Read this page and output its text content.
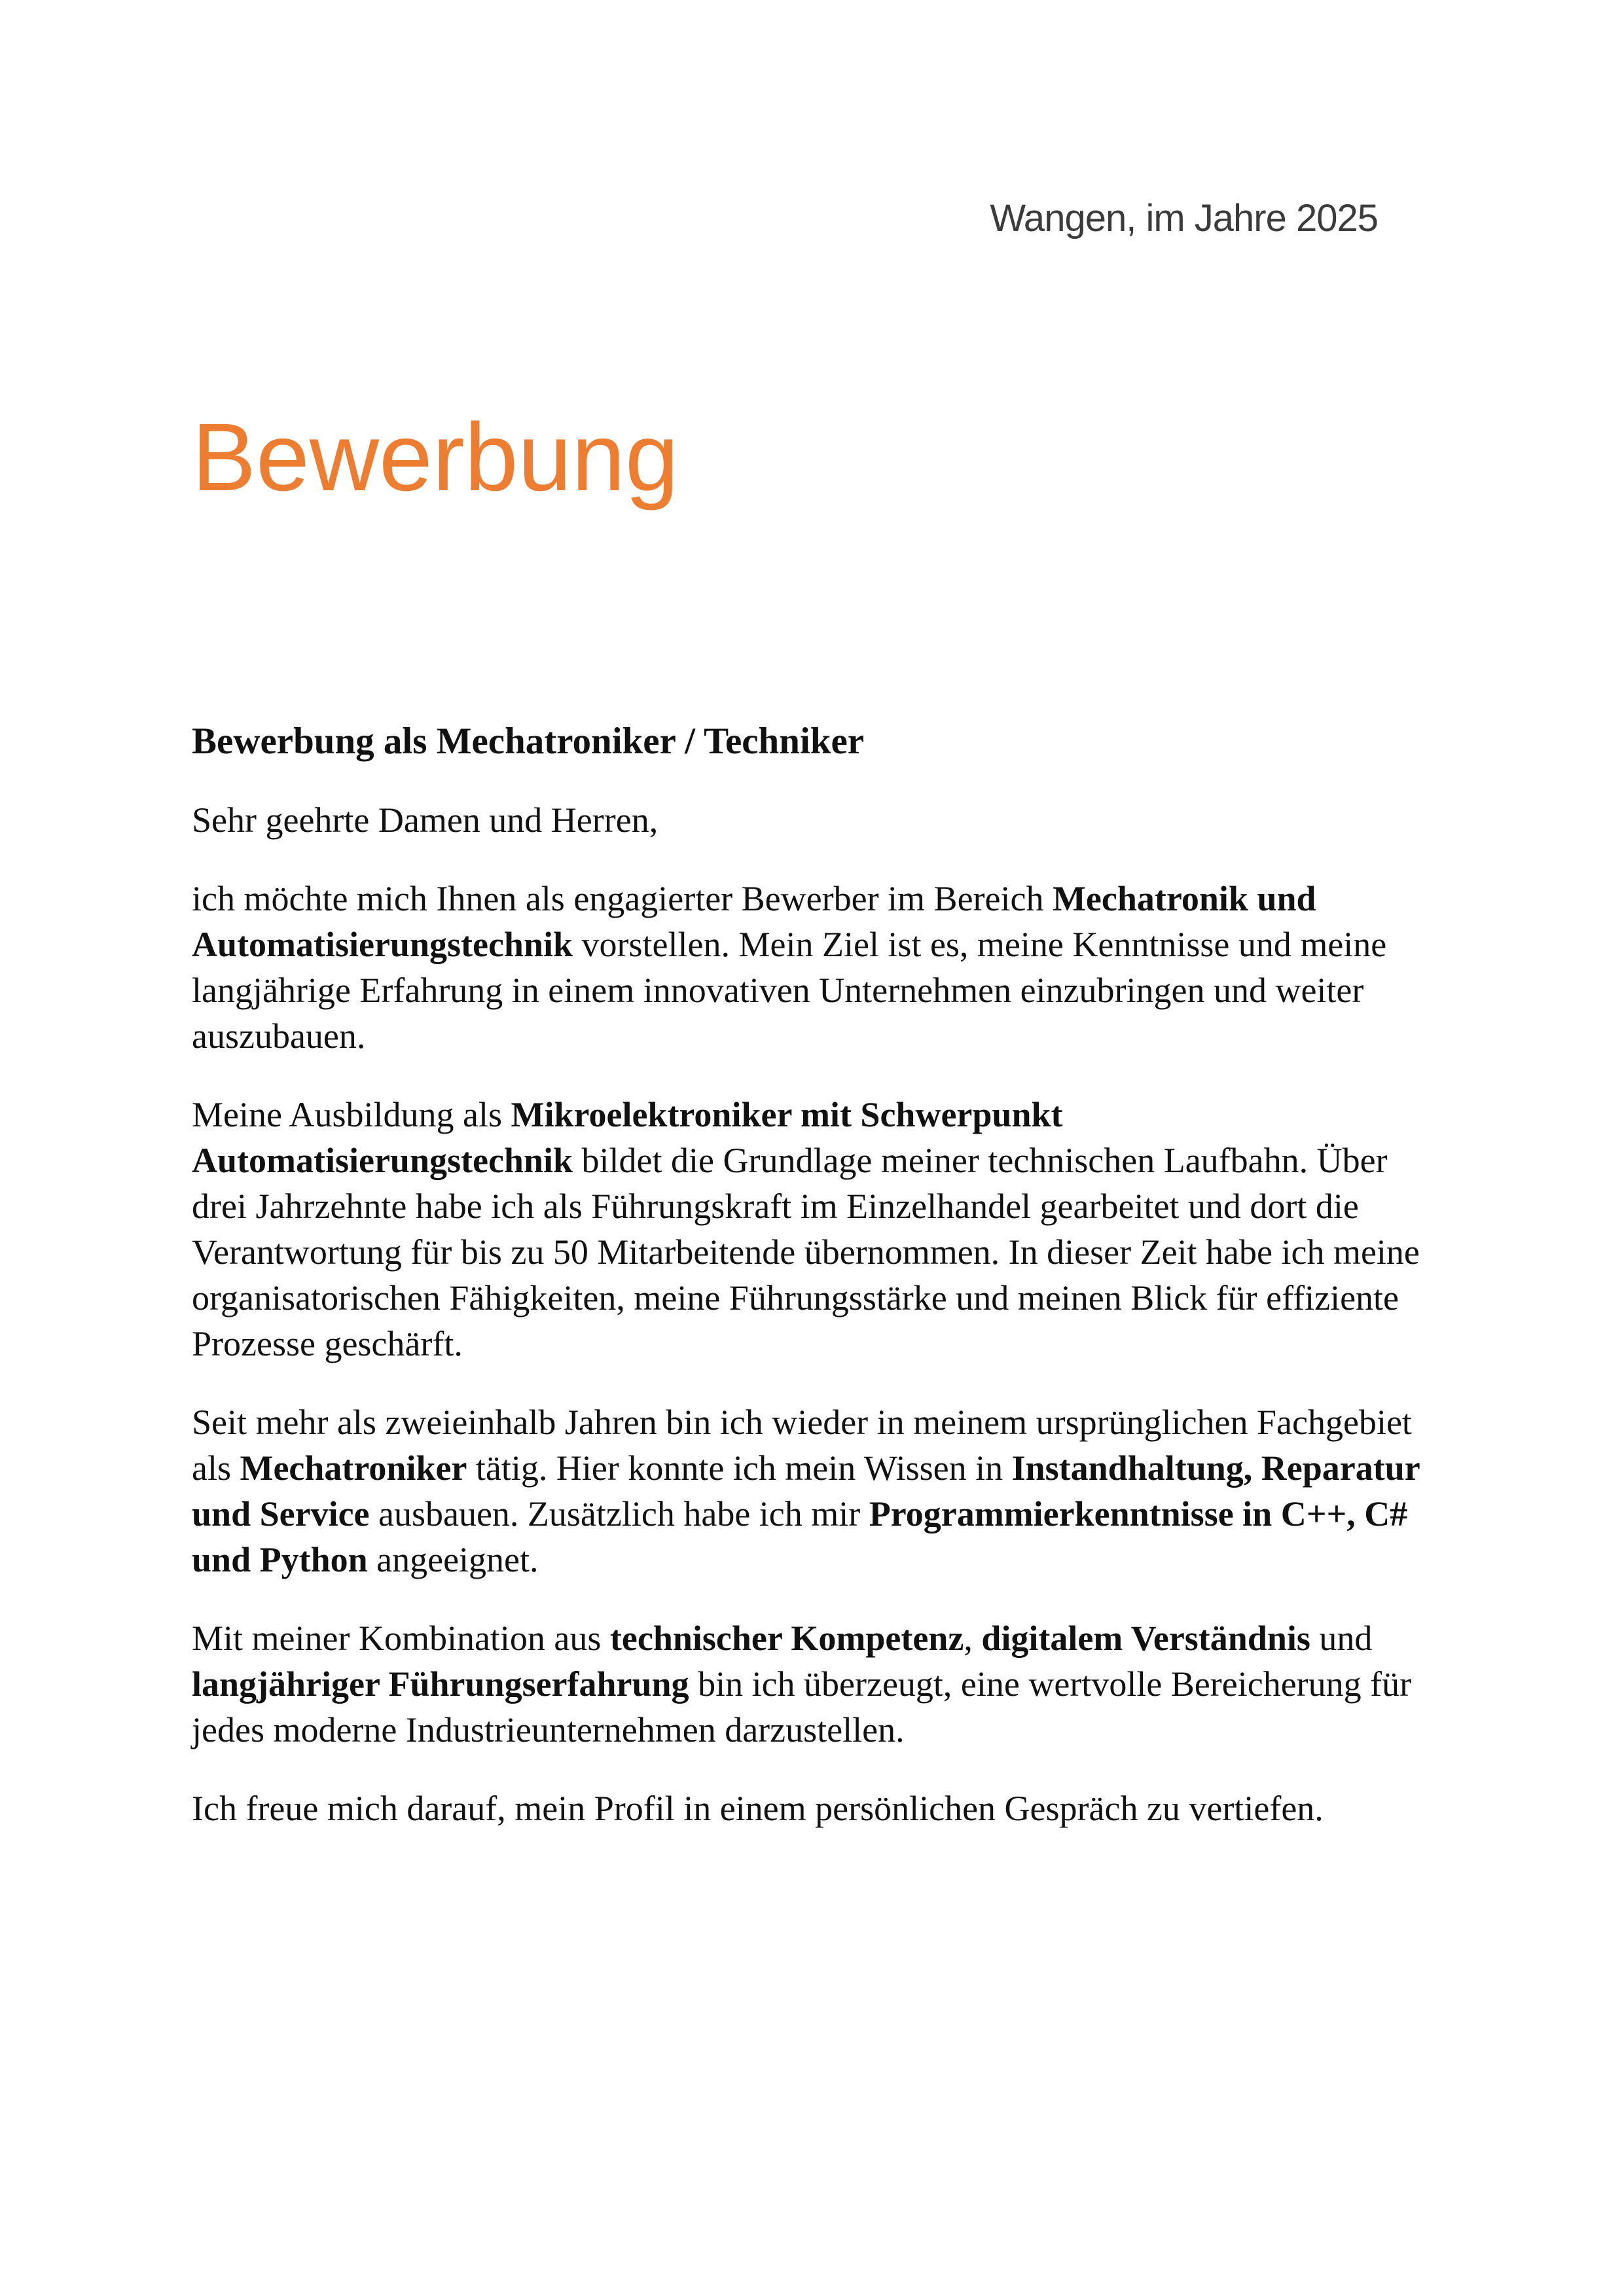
Wangen, im Jahre 2025
Bewerbung
Bewerbung als Mechatroniker / Techniker

Sehr geehrte Damen und Herren,

ich möchte mich Ihnen als engagierter Bewerber im Bereich Mechatronik und Automatisierungstechnik vorstellen. Mein Ziel ist es, meine Kenntnisse und meine langjährige Erfahrung in einem innovativen Unternehmen einzubringen und weiter auszubauen.

Meine Ausbildung als Mikroelektroniker mit Schwerpunkt Automatisierungstechnik bildet die Grundlage meiner technischen Laufbahn. Über drei Jahrzehnte habe ich als Führungskraft im Einzelhandel gearbeitet und dort die Verantwortung für bis zu 50 Mitarbeitende übernommen. In dieser Zeit habe ich meine organisatorischen Fähigkeiten, meine Führungsstärke und meinen Blick für effiziente Prozesse geschärft.

Seit mehr als zweieinhalb Jahren bin ich wieder in meinem ursprünglichen Fachgebiet als Mechatroniker tätig. Hier konnte ich mein Wissen in Instandhaltung, Reparatur und Service ausbauen. Zusätzlich habe ich mir Programmierkenntnisse in C++, C# und Python angeeignet.

Mit meiner Kombination aus technischer Kompetenz, digitalem Verständnis und langjähriger Führungserfahrung bin ich überzeugt, eine wertvolle Bereicherung für jedes moderne Industrieunternehmen darzustellen.

Ich freue mich darauf, mein Profil in einem persönlichen Gespräch zu vertiefen.
